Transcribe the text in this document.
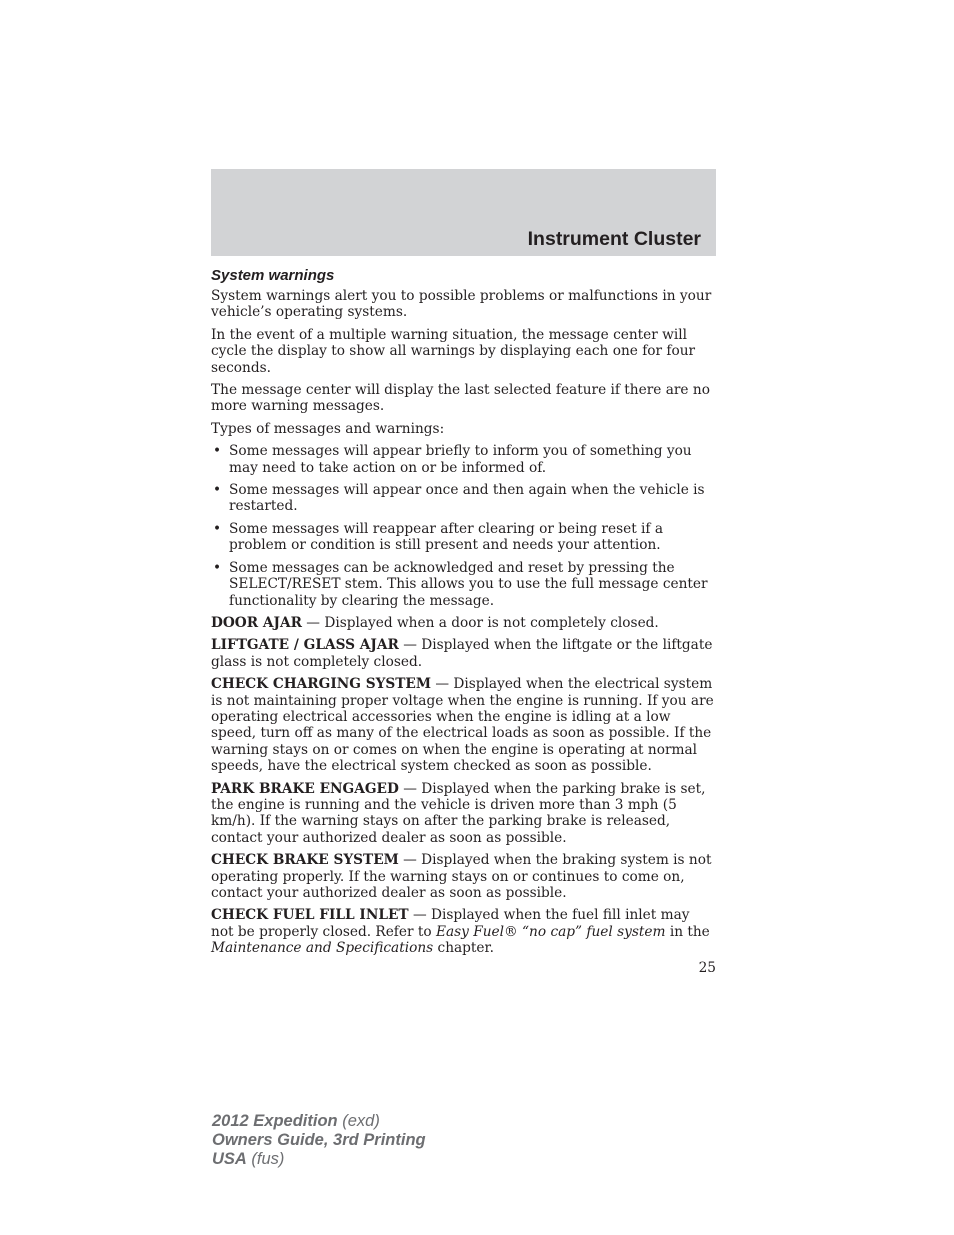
Instrument Cluster
System warnings

System warnings alert you to possible problems or malfunctions in your vehicle’s operating systems.

In the event of a multiple warning situation, the message center will cycle the display to show all warnings by displaying each one for four seconds.

The message center will display the last selected feature if there are no more warning messages.

Types of messages and warnings:

• Some messages will appear briefly to inform you of something you may need to take action on or be informed of.
• Some messages will appear once and then again when the vehicle is restarted.
• Some messages will reappear after clearing or being reset if a problem or condition is still present and needs your attention.
• Some messages can be acknowledged and reset by pressing the SELECT/RESET stem. This allows you to use the full message center functionality by clearing the message.

DOOR AJAR — Displayed when a door is not completely closed.

LIFTGATE / GLASS AJAR — Displayed when the liftgate or the liftgate glass is not completely closed.

CHECK CHARGING SYSTEM — Displayed when the electrical system is not maintaining proper voltage when the engine is running. If you are operating electrical accessories when the engine is idling at a low speed, turn off as many of the electrical loads as soon as possible. If the warning stays on or comes on when the engine is operating at normal speeds, have the electrical system checked as soon as possible.

PARK BRAKE ENGAGED — Displayed when the parking brake is set, the engine is running and the vehicle is driven more than 3 mph (5 km/h). If the warning stays on after the parking brake is released, contact your authorized dealer as soon as possible.

CHECK BRAKE SYSTEM — Displayed when the braking system is not operating properly. If the warning stays on or continues to come on, contact your authorized dealer as soon as possible.

CHECK FUEL FILL INLET — Displayed when the fuel fill inlet may not be properly closed. Refer to Easy Fuel® “no cap” fuel system in the Maintenance and Specifications chapter.

25
2012 Expedition (exd)
Owners Guide, 3rd Printing
USA (fus)
